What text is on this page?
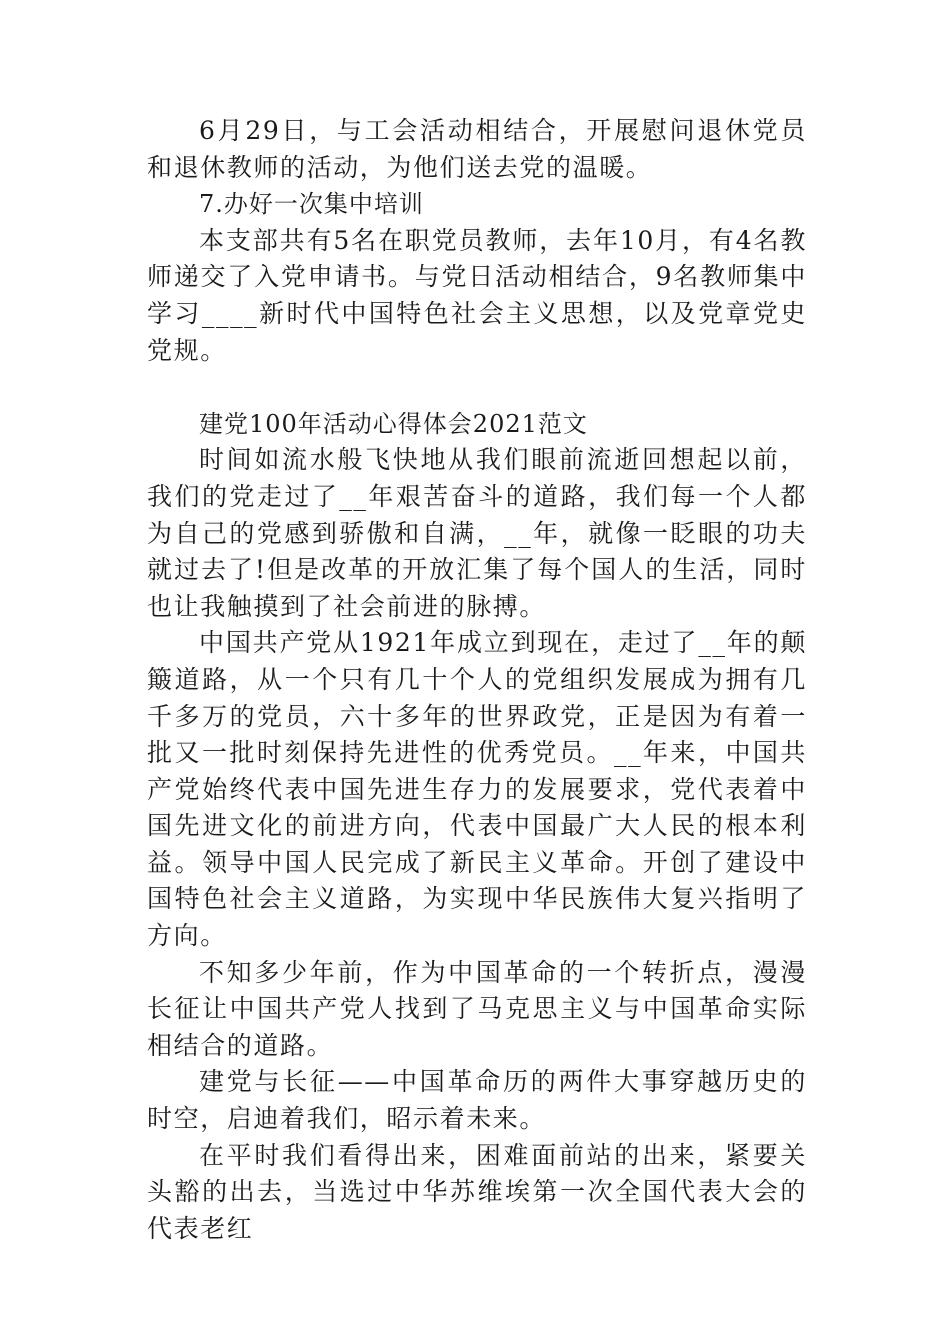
6月29日，与工会活动相结合，开展慰问退休党员和退休教师的活动，为他们送去党的温暖。

7.办好一次集中培训

本支部共有5名在职党员教师，去年10月，有4名教师递交了入党申请书。与党日活动相结合，9名教师集中学习____新时代中国特色社会主义思想，以及党章党史党规。

建党100年活动心得体会2021范文

时间如流水般飞快地从我们眼前流逝回想起以前，我们的党走过了__年艰苦奋斗的道路，我们每一个人都为自己的党感到骄傲和自满，__年，就像一眨眼的功夫就过去了!但是改革的开放汇集了每个国人的生活，同时也让我触摸到了社会前进的脉搏。

中国共产党从1921年成立到现在，走过了__年的颠簸道路，从一个只有几十个人的党组织发展成为拥有几千多万的党员，六十多年的世界政党，正是因为有着一批又一批时刻保持先进性的优秀党员。__年来，中国共产党始终代表中国先进生存力的发展要求，党代表着中国先进文化的前进方向，代表中国最广大人民的根本利益。领导中国人民完成了新民主义革命。开创了建设中国特色社会主义道路，为实现中华民族伟大复兴指明了方向。

不知多少年前，作为中国革命的一个转折点，漫漫长征让中国共产党人找到了马克思主义与中国革命实际相结合的道路。

建党与长征——中国革命历的两件大事穿越历史的时空，启迪着我们，昭示着未来。

在平时我们看得出来，困难面前站的出来，紧要关头豁的出去，当选过中华苏维埃第一次全国代表大会的代表老红
